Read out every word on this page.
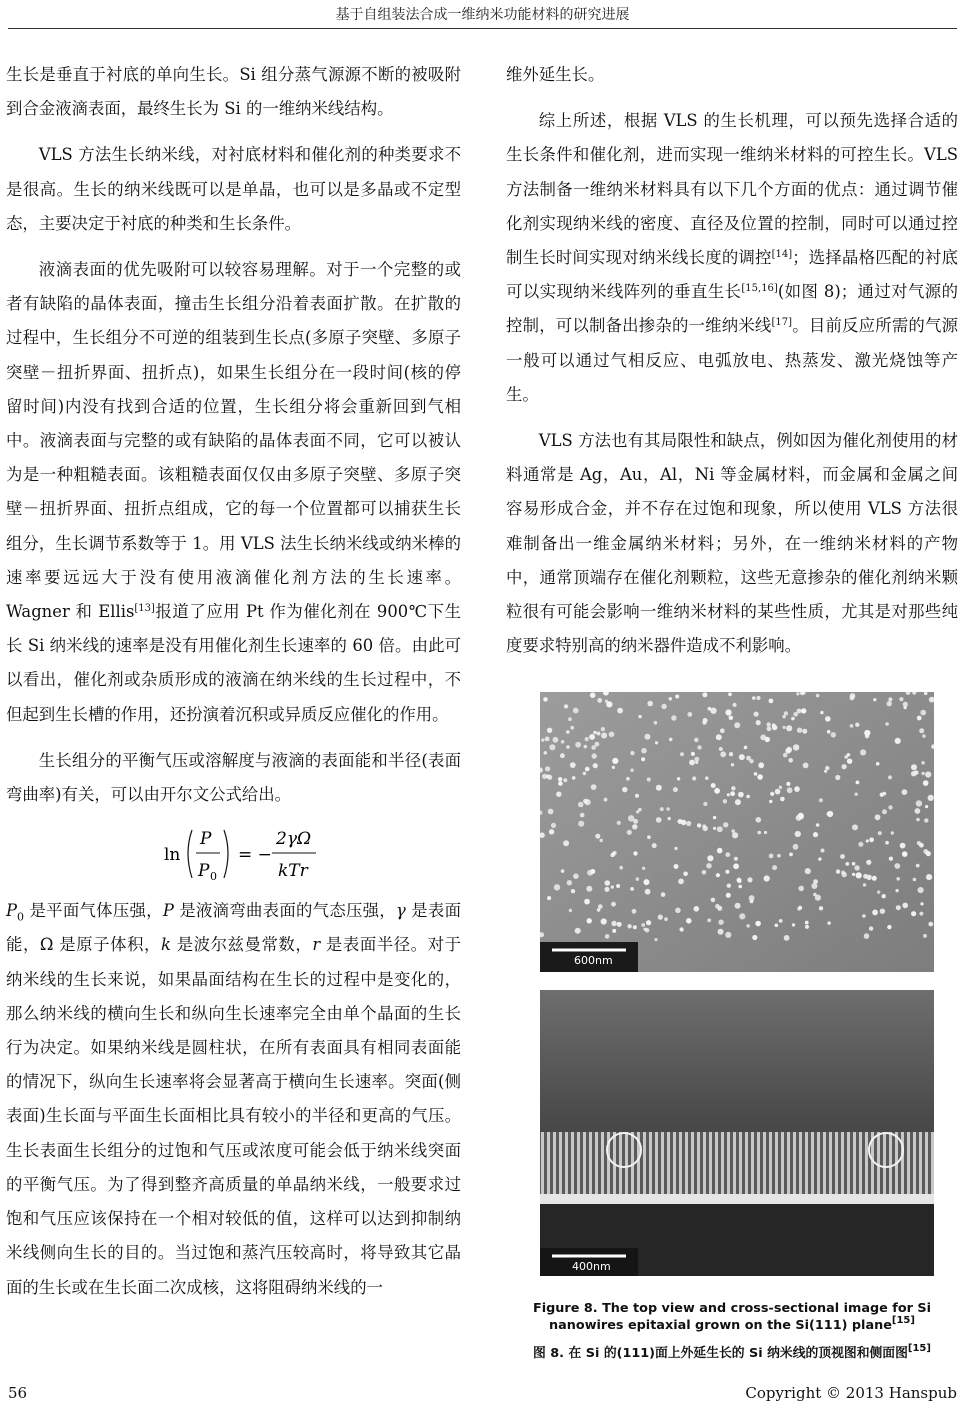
基于自组装法合成一维纳米功能材料的研究进展

生长是垂直于衬底的单向生长。Si 组分蒸气源源不断的被吸附到合金液滴表面，最终生长为 Si 的一维纳米线结构。

VLS 方法生长纳米线，对衬底材料和催化剂的种类要求不是很高。生长的纳米线既可以是单晶，也可以是多晶或不定型态，主要决定于衬底的种类和生长条件。

液滴表面的优先吸附可以较容易理解。对于一个完整的或者有缺陷的晶体表面，撞击生长组分沿着表面扩散。在扩散的过程中，生长组分不可逆的组装到生长点(多原子突壁、多原子突壁－扭折界面、扭折点)，如果生长组分在一段时间(核的停留时间)内没有找到合适的位置，生长组分将会重新回到气相中。液滴表面与完整的或有缺陷的晶体表面不同，它可以被认为是一种粗糙表面。该粗糙表面仅仅由多原子突壁、多原子突壁－扭折界面、扭折点组成，它的每一个位置都可以捕获生长组分，生长调节系数等于 1。用 VLS 法生长纳米线或纳米棒的速率要远远大于没有使用液滴催化剂方法的生长速率。Wagner 和 Ellis[13]报道了应用 Pt 作为催化剂在 900℃下生长 Si 纳米线的速率是没有用催化剂生长速率的 60 倍。由此可以看出，催化剂或杂质形成的液滴在纳米线的生长过程中，不但起到生长槽的作用，还扮演着沉积或异质反应催化的作用。

生长组分的平衡气压或溶解度与液滴的表面能和半径(表面弯曲率)有关，可以由开尔文公式给出。

ln
P
P 0
= −
2γΩ
kTr

$P_0$ 是平面气体压强，P 是液滴弯曲表面的气态压强，γ 是表面能，Ω 是原子体积，k 是波尔兹曼常数，r 是表面半径。对于纳米线的生长来说，如果晶面结构在生长的过程中是变化的，那么纳米线的横向生长和纵向生长速率完全由单个晶面的生长行为决定。如果纳米线是圆柱状，在所有表面具有相同表面能的情况下，纵向生长速率将会显著高于横向生长速率。突面(侧表面)生长面与平面生长面相比具有较小的半径和更高的气压。生长表面生长组分的过饱和气压或浓度可能会低于纳米线突面的平衡气压。为了得到整齐高质量的单晶纳米线，一般要求过饱和气压应该保持在一个相对较低的值，这样可以达到抑制纳米线侧向生长的目的。当过饱和蒸汽压较高时，将导致其它晶面的生长或在生长面二次成核，这将阻碍纳米线的一

维外延生长。

综上所述，根据 VLS 的生长机理，可以预先选择合适的生长条件和催化剂，进而实现一维纳米材料的可控生长。VLS 方法制备一维纳米材料具有以下几个方面的优点：通过调节催化剂实现纳米线的密度、直径及位置的控制，同时可以通过控制生长时间实现对纳米线长度的调控[14]；选择晶格匹配的衬底可以实现纳米线阵列的垂直生长[15,16](如图 8)；通过对气源的控制，可以制备出掺杂的一维纳米线[17]。目前反应所需的气源一般可以通过气相反应、电弧放电、热蒸发、激光烧蚀等产生。

VLS 方法也有其局限性和缺点，例如因为催化剂使用的材料通常是 Ag，Au，Al，Ni 等金属材料，而金属和金属之间容易形成合金，并不存在过饱和现象，所以使用 VLS 方法很难制备出一维金属纳米材料；另外，在一维纳米材料的产物中，通常顶端存在催化剂颗粒，这些无意掺杂的催化剂纳米颗粒很有可能会影响一维纳米材料的某些性质，尤其是对那些纯度要求特别高的纳米器件造成不利影响。

600nm
400nm
Figure 8. The top view and cross-sectional image for Si nanowires epitaxial grown on the Si(111) plane[15]
图 8. 在 Si 的(111)面上外延生长的 Si 纳米线的顶视图和侧面图[15]
56	Copyright © 2013 Hanspub
